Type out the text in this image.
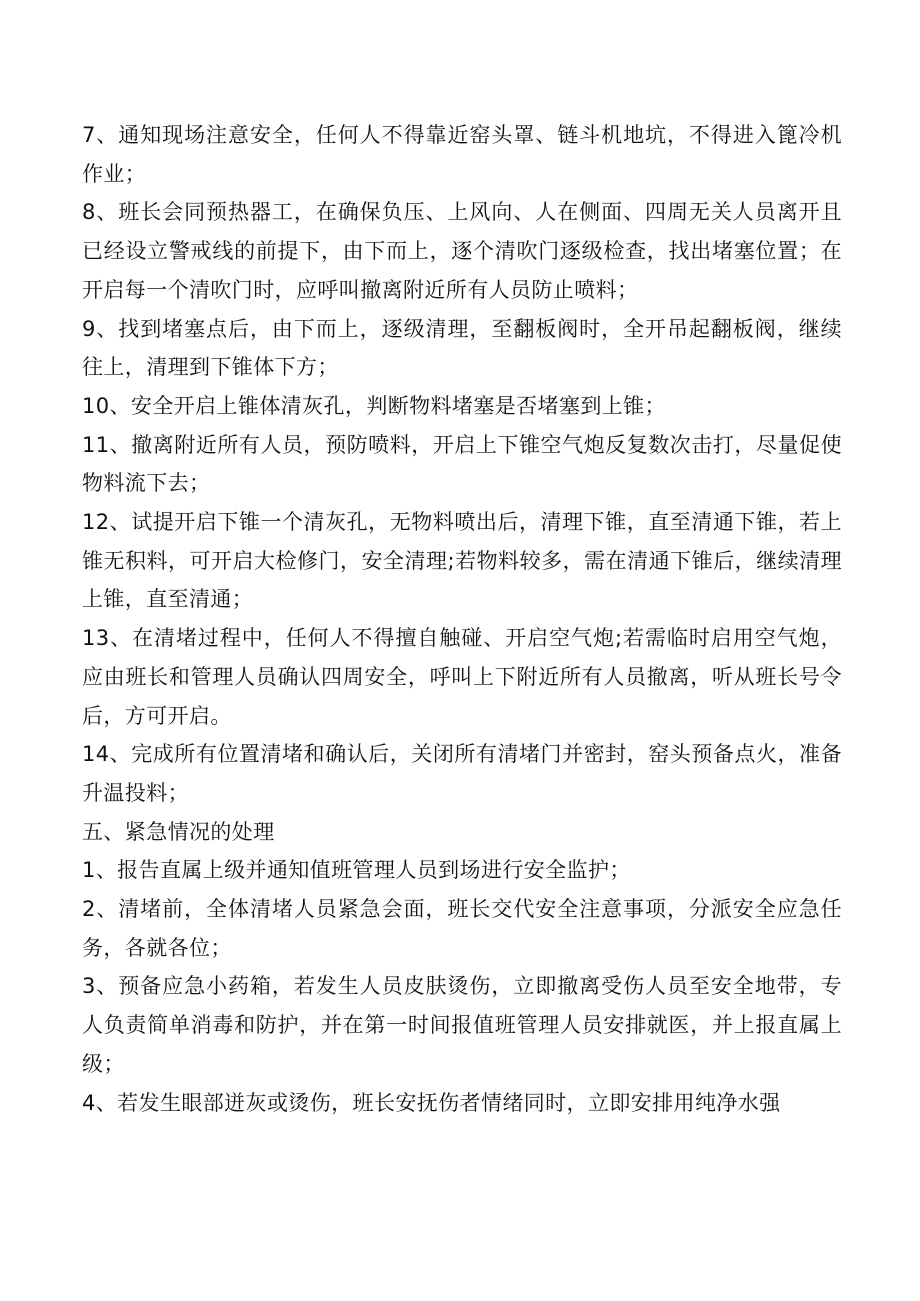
7、通知现场注意安全，任何人不得靠近窑头罩、链斗机地坑，不得进入篦冷机作业；

8、班长会同预热器工，在确保负压、上风向、人在侧面、四周无关人员离开且已经设立警戒线的前提下，由下而上，逐个清吹门逐级检查，找出堵塞位置；在开启每一个清吹门时，应呼叫撤离附近所有人员防止喷料；

9、找到堵塞点后，由下而上，逐级清理，至翻板阀时，全开吊起翻板阀，继续往上，清理到下锥体下方；

10、安全开启上锥体清灰孔，判断物料堵塞是否堵塞到上锥；

11、撤离附近所有人员，预防喷料，开启上下锥空气炮反复数次击打，尽量促使物料流下去；

12、试提开启下锥一个清灰孔，无物料喷出后，清理下锥，直至清通下锥，若上锥无积料，可开启大检修门，安全清理;若物料较多，需在清通下锥后，继续清理上锥，直至清通；

13、在清堵过程中，任何人不得擅自触碰、开启空气炮;若需临时启用空气炮，应由班长和管理人员确认四周安全，呼叫上下附近所有人员撤离，听从班长号令后，方可开启。

14、完成所有位置清堵和确认后，关闭所有清堵门并密封，窑头预备点火，准备升温投料；

五、紧急情况的处理

1、报告直属上级并通知值班管理人员到场进行安全监护；

2、清堵前，全体清堵人员紧急会面，班长交代安全注意事项，分派安全应急任务，各就各位；

3、预备应急小药箱，若发生人员皮肤烫伤，立即撤离受伤人员至安全地带，专人负责简单消毒和防护，并在第一时间报值班管理人员安排就医，并上报直属上级；

4、若发生眼部迸灰或烫伤，班长安抚伤者情绪同时，立即安排用纯净水强
